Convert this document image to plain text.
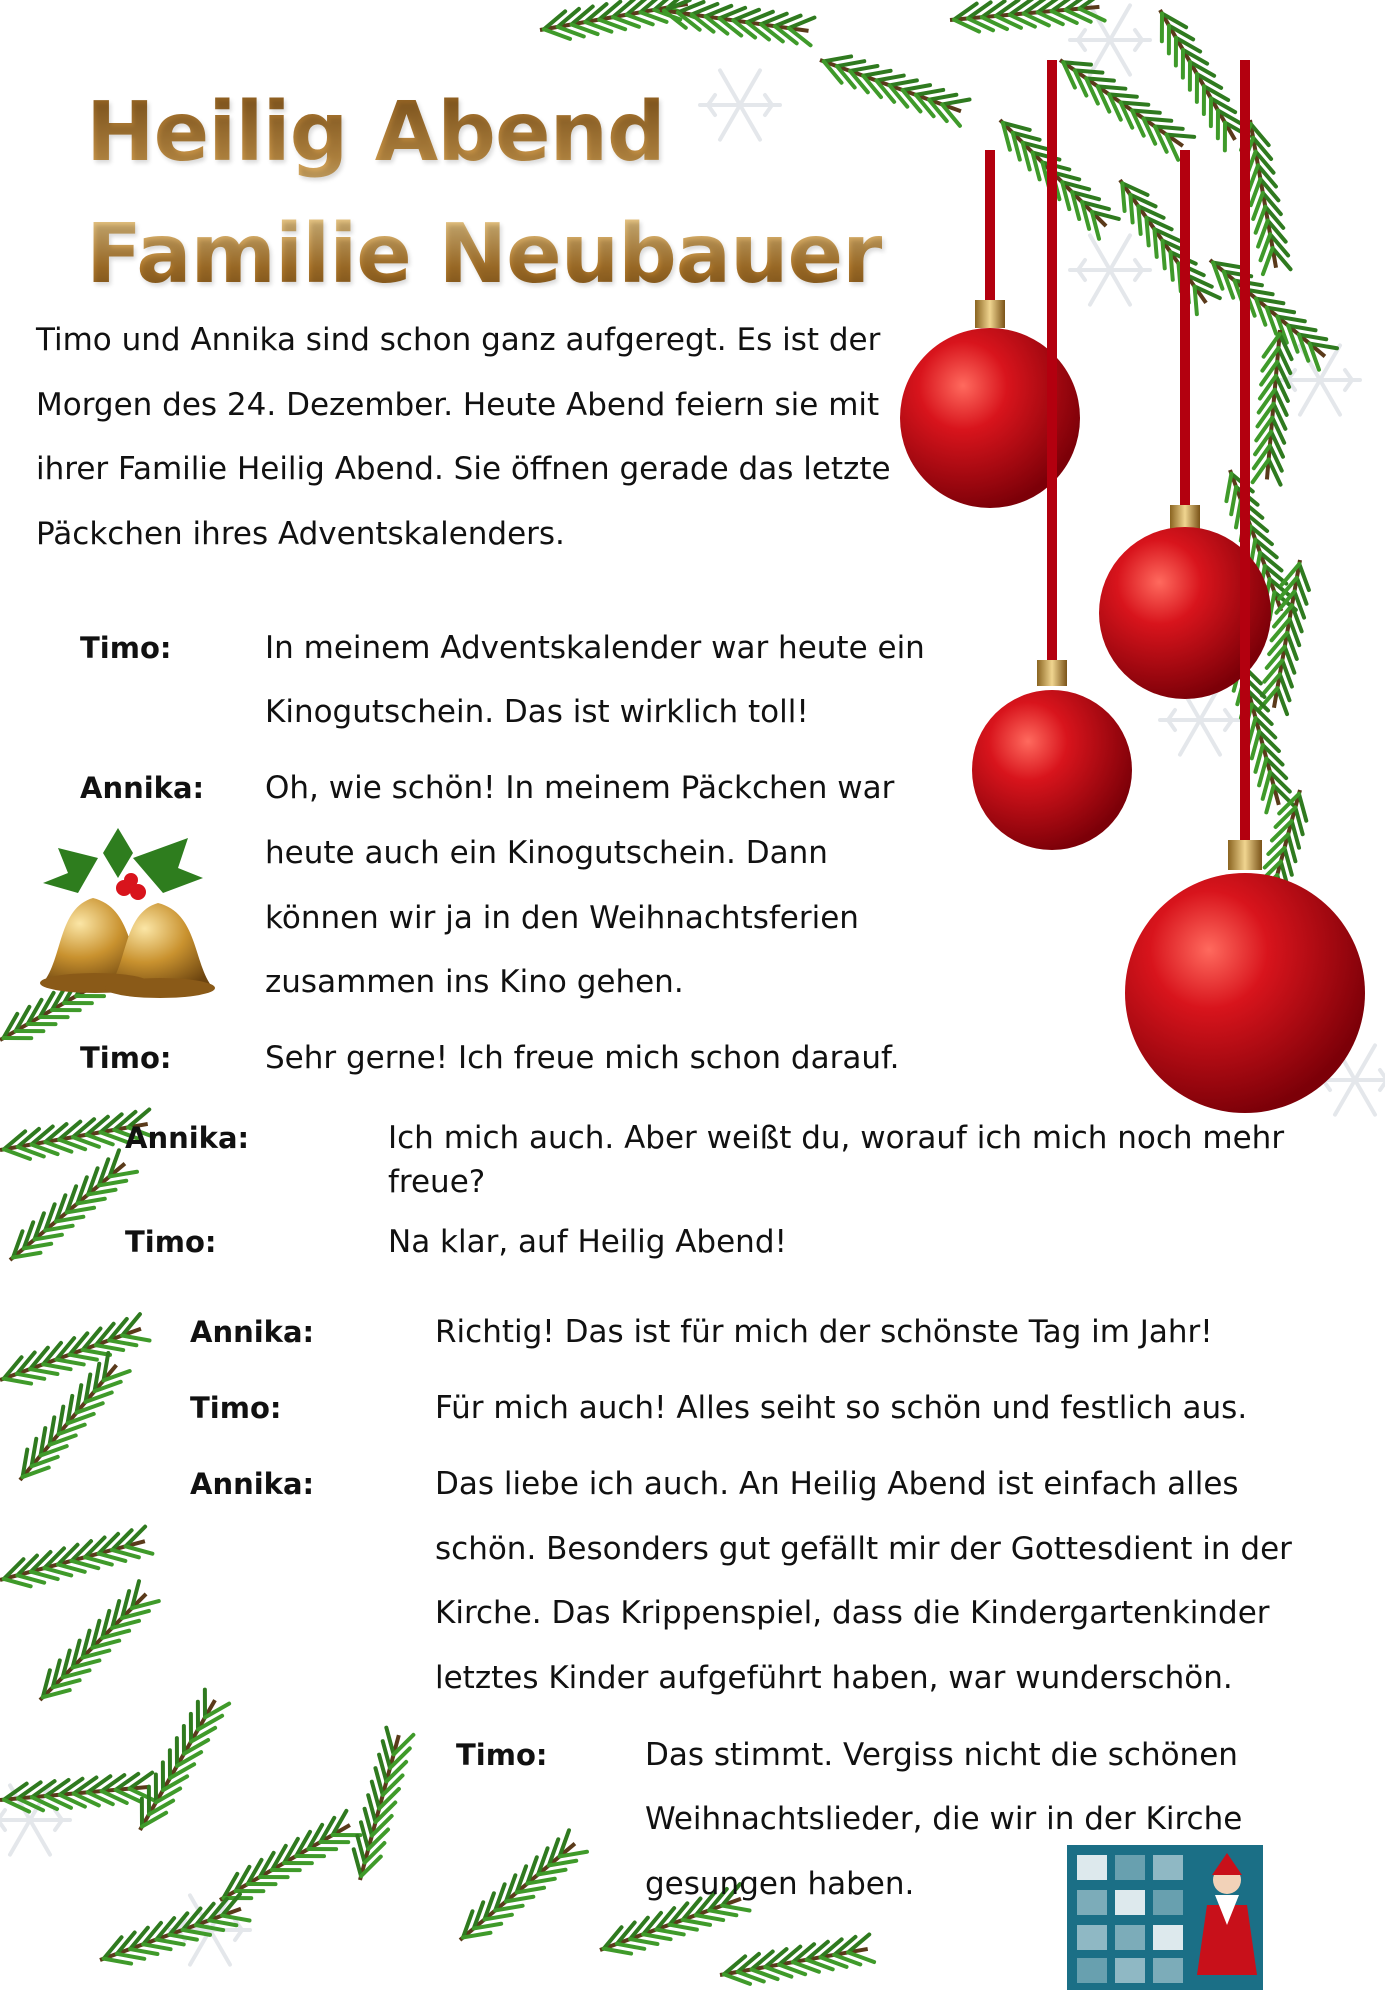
Heilig Abend
Familie Neubauer

Timo und Annika sind schon ganz aufgeregt. Es ist der Morgen des 24. Dezember. Heute Abend feiern sie mit ihrer Familie Heilig Abend. Sie öffnen gerade das letzte Päckchen ihres Adventskalenders.

Timo:	In meinem Adventskalender war heute ein
Kinogutschein. Das ist wirklich toll!
Annika: Oh, wie schön! In meinem Päckchen war
heute auch ein Kinogutschein. Dann
können wir ja in den Weihnachtsferien
zusammen ins Kino gehen.
Timo:	Sehr gerne! Ich freue mich schon darauf.
Annika:	Ich mich auch. Aber weißt du, worauf ich mich noch mehr
freue?
Timo:	Na klar, auf Heilig Abend!
Annika:	Richtig! Das ist für mich der schönste Tag im Jahr!
Timo:	Für mich auch! Alles seiht so schön und festlich aus.
Annika:	Das liebe ich auch. An Heilig Abend ist einfach alles
schön. Besonders gut gefällt mir der Gottesdient in der
Kirche. Das Krippenspiel, dass die Kindergartenkinder
letztes Kinder aufgeführt haben, war wunderschön.
Timo:	Das stimmt. Vergiss nicht die schönen
Weihnachtslieder, die wir in der Kirche
gesungen haben.
